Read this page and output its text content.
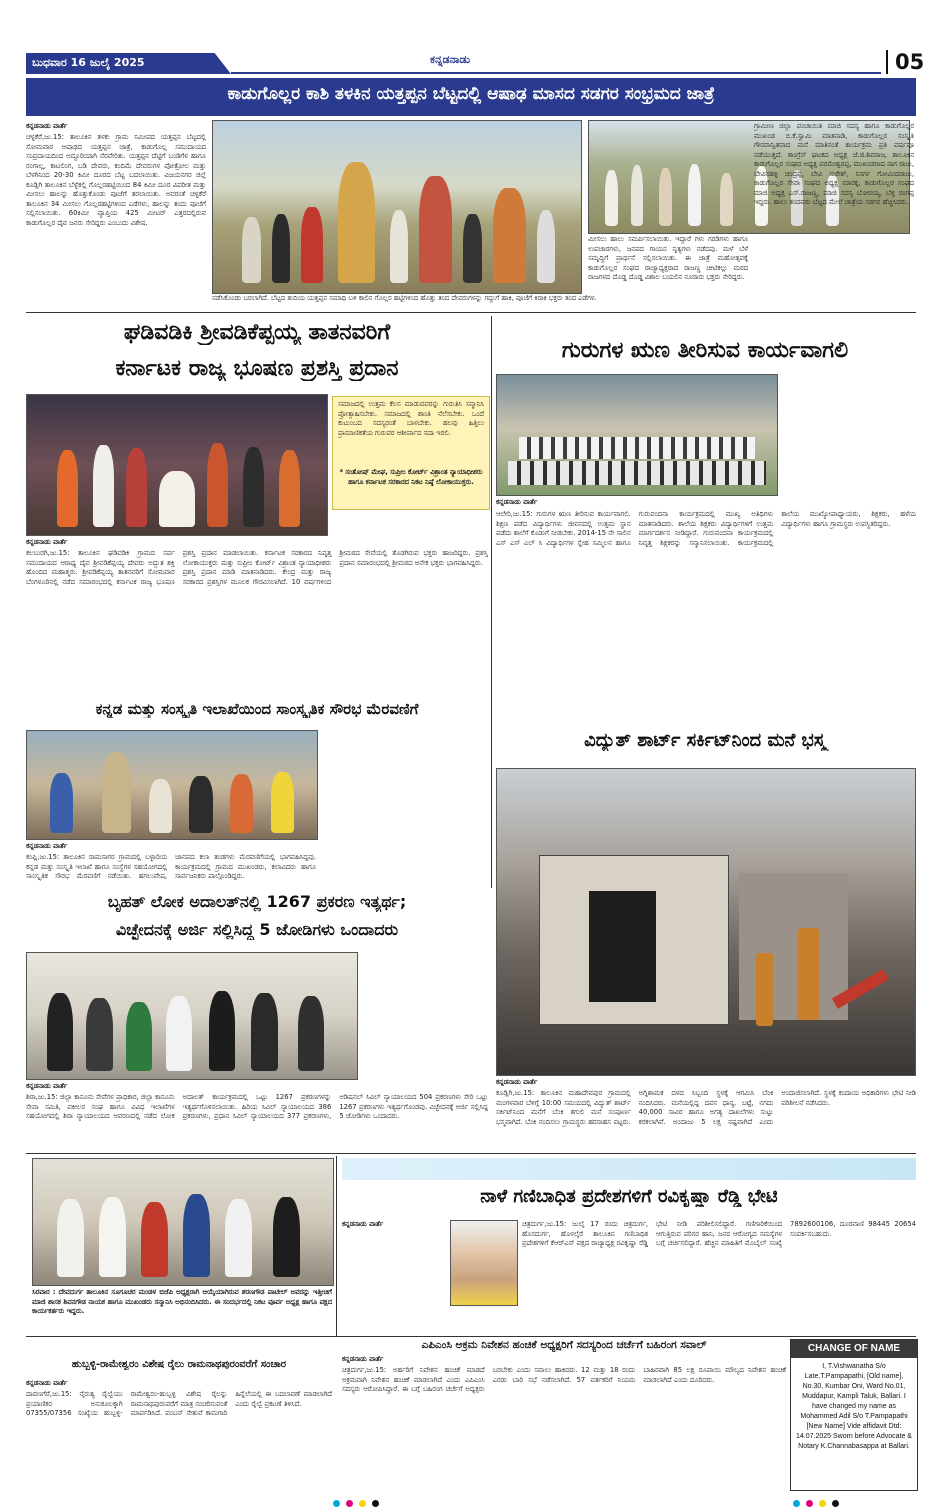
ಬುಧವಾರ 16 ಜುಲೈ 2025	ಕನ್ನಡನಾಡು	05
ಕಾಡುಗೊಲ್ಲರ ಕಾಶಿ ತಳಕಿನ ಯತ್ತಪ್ಪನ ಬೆಟ್ಟದಲ್ಲಿ ಆಷಾಢ ಮಾಸದ ಸಡಗರ ಸಂಭ್ರಮದ ಜಾತ್ರೆ
ಕನ್ನಡನಾಡು ವಾರ್ತೆ
ಚಳ್ಳಕೆರೆ,ಜು.15: ತಾಲೂಕಿನ ತಳಕು ಗ್ರಾಮ ಸಮೀಪದ ಯತ್ತಪ್ಪನ ಬೆಟ್ಟದಲ್ಲಿ ಸೋಮವಾರ ಆಷಾಢದ ಯತ್ತಪ್ಪನ ಜಾತ್ರೆ, ಕಾಡುಗೊಲ್ಲ ಸಮುದಾಯದ ಸಂಪ್ರದಾಯದಿಂದ ಅದ್ದೂರಿಯಾಗಿ ನೆರವೇರಿತು. ಯತ್ತಪ್ಪನ ದೆಟ್ಟಿಗೆ ಬಂಡಿಗೆಳ ಹಾಗೂ ರಂಗಾಲ್ಲ, ಕಾಟಲಿಂಗ, ಬಡಿ ದೇವರು, ಕಂದಿಮೆ ದೇವರುಗಳ ಪೋತ್ರೋಲ ಮತ್ತು ಬೆಳಗಿನಿಂದ 20-30 ಕಿಮೀ ದೂರದ ಬೆಟ್ಟ ಬದಲಾಯಿತು. ವಿಜಯನಗರ ಜಿಲ್ಲೆ ಕೂಡ್ಲಿಗಿ ತಾಲೂಕಿನ ಬೆಳ್ಳೆಕಲ್ಲಿ ಗೊಲ್ಲರಹಟ್ಟಿಯಿಂದ 84 ಕಿಮೀ ದೂರ ವಿಪರೀತ ಮತ್ತು ಮೀಸಲು ಹಾಲನ್ನು ಹೊತ್ತುಕೊಂಡು ಪೂಜೆಗೆ ತರಲಾಯಿತು. ಅವರಂತೆ ಚಳ್ಳಕೆರೆ ತಾಲೂಕಿನ 34 ಮೀಸಲು ಗೊಲ್ಲರಹಟ್ಟಿಗಳಿಂದ ಎಡೆಗಳು, ಹಾಲನ್ನು ತಂದು ಪೂಜೆಗೆ ಸಲ್ಲಿಸಲಾಯಿತು. 60ಕಿಮೀ ವ್ಯಾಪ್ತಿಯ 425 ಮೀಟರ್ ಎತ್ತರದಲ್ಲಿರುವ ಕಾಡುಗೊಲ್ಲರ ದೈವ ಜನರು ಸೇರಿದ್ದರು ಎಂಬುದು ವಿಶೇಷ.
ನಡೆಸಿಕೊಂಡು ಬರಲಾಗಿದೆ. ಬೆಟ್ಟದ ತುದಿಯ ಯತ್ತಪ್ಪನ ಸಮಾಧಿ ಬಳಿ ಕಾಲಿನ ಗೊಲ್ಲರ ಹಟ್ಟಿಗಳಿಂದ ಹೊತ್ತು ತಂದ ದೇವರುಗಳನ್ನು ಗದ್ದುಗೆ ಹಾಕಿ, ಪೂಜೆಗೆ ಕಿರಾಕಿ ಭಕ್ತರು ತಂದ ಎಡೆಗಳ.
ಮೀಸಲು ಹಾಲು ಸಮರ್ಪಿಸಲಾಯಿತು. ಇದ್ದಾರೆ ಗಳು ಗರಡಿಗಳು ಹಾಗೂ ಉಪಚಾರಗಳು, ಜನಪದ ಗಾಯನ ನೃತ್ಯಗಳು ನಡೆದವು. ಮಳೆ ಬೆಳೆ ಸಮೃದ್ಧಿಗೆ ಪ್ರಾರ್ಥನೆ ಸಲ್ಲಿಸಲಾಯಿತು. ಈ ಜಾತ್ರೆ ಮಹೋತ್ಸವಕ್ಕೆ ಕಾಡುಗೊಲ್ಲರ ಸಂಘದ ರಾಜ್ಯಾಧ್ಯಕ್ಷರಾದ ರಾಜಣ್ಣ ಚೀಟಿಕಲ್ಲು ಮಠದ ರಾಜಗಳದ ದೊಡ್ಡ ದೊಡ್ಡ ವಿಶಾಲ ಬಯಲಿನ ನೂರಾರು ಭಕ್ತರು ಸೇರಿದ್ದರು.
ಗ್ರಾಮೀಣ ಜಿಲ್ಲಾ ಪಂಚಾಯಿತಿ ಮಾಜಿ ಸದಸ್ಯ ಹಾಗೂ ಕಾಡುಗೊಲ್ಲರ ಮುಖಂಡ ಬಿ.ಕೆ.ಸ್ವಾಮಿ ಮಾತನಾಡಿ, ಕಾಡುಗೊಲ್ಲರ ಸಂಸ್ಕೃತಿ ಗೌರವಾನ್ವಿತವಾದ ಮನೆ ಮಾತಿನಂತೆ ಕಾರ್ಯಕ್ರಮ ಪ್ರತಿ ವರ್ಷವೂ ನಡೆಯುತ್ತದೆ. ಕಾಂಗ್ರೆಸ್ ಘಟಕದ ಅಧ್ಯಕ್ಷ ಜೆ.ಜಿ.ಶಿವರಾಜ, ತಾಲೂಕಿನ ಕಾಡುಗೊಲ್ಲರ ಸಂಘದ ಅಧ್ಯಕ್ಷ ಪರಮೇಶ್ವರಪ್ಪ, ಮುಖಂಡರಾದ ನಾಗ ರಾಜು, ಬೇವಿನಹಳ್ಳಿ ಚಂದ್ರಪ್ಪ, ಬೇವಿ ಸುರೇಶ್, ನಿಸರ್ಗ ಗೋವಿಂದರಾಜು, ಕಾಡುಗೊಲ್ಲರ ಸೇವಾ ಸಂಘದ ಅಧ್ಯಕ್ಷ ಮಾರಕ್ಕ, ಕಾಡುಗೊಲ್ಲರ ಸಂಘದ ಮಾಜಿ ಅಧ್ಯಕ್ಷ ಎಸ್.ರಾಜಣ್ಣ, ಮಾಜಿ ಸದಸ್ಯ ಬೋರಯ್ಯ, ಬೆಳ್ಳಿ ರಂಗಪ್ಪ ಇದ್ದರು. ಹಾಲು ತಂದವರು ಬೆಟ್ಟದ ಮೇಲೆ ಜಾತ್ರೆಯ ಸಡಗರ ಹೆಚ್ಚಿಸಿದರು.
ಘಡಿವಡಿಕಿ ಶ್ರೀವಡಿಕೆಪ್ಪಯ್ಯ ತಾತನವರಿಗೆ
ಕರ್ನಾಟಕ ರಾಜ್ಯ ಭೂಷಣ ಪ್ರಶಸ್ತಿ ಪ್ರದಾನ
ಸಮಾಜದಲ್ಲಿ ಉತ್ತಮ ಕೆಲಸ ಮಾಡುವವರನ್ನು ಗುರುತಿಸಿ ಸನ್ಮಾನಿಸಿ ಪ್ರೋತ್ಸಾಹಿಸಬೇಕು. ಸಮಾಜದಲ್ಲಿ ಶಾಂತಿ ನೆಲೆಸಬೇಕು. ಒಂದೆ ಕುಟುಂಬದ ಸದಸ್ಯರಂತೆ ಬಾಳಬೇಕು. ಹಲವು ಹಿತ್ತಿಲು ಪ್ರಾಮಾಣಿಕತೆಯ ಗುರುವರ ಆಶೀರ್ವಾದ ಸದಾ ಇರಲಿ.
* ಸಂತೋಷ್ ಮೇಘ, ಸುಪ್ರೀಂ ಕೋರ್ಟ್ ವಿಶ್ರಾಂತ ನ್ಯಾಯಾಧೀಶರು ಹಾಗೂ ಕರ್ನಾಟಕ ಸರಕಾರದ ನಿಕಟ ನಿಷ್ಠೆ ಲೋಕಾಯುಕ್ತರು.
ಕನ್ನಡನಾಡು ವಾರ್ತೆ
ಕಲಬುರಗಿ,ಜು.15: ತಾಲೂಕಿನ ಘಡಿವಡಿಕಿ ಗ್ರಾಮದ ಸರ್ವ ಸಮುದಾಯದ ಆರಾಧ್ಯ ದೈವ ಶ್ರೀವಡಿಕೆಪ್ಪಯ್ಯ ದೇವರು ಅದ್ಭುತ ಶಕ್ತಿ ಹೊಂದಿದ ಮಹಾತ್ಮರು. ಶ್ರೀವಡಿಕೆಪ್ಪಯ್ಯ ತಾತನವರಿಗೆ ಸೋಮವಾರ ಬೆಂಗಳೂರಿನಲ್ಲಿ ನಡೆದ ಸಮಾರಂಭದಲ್ಲಿ ಕರ್ನಾಟಕ ರಾಜ್ಯ ಭೂಷಣ ಪ್ರಶಸ್ತಿ ಪ್ರದಾನ ಮಾಡಲಾಯಿತು. ಕರ್ನಾಟಕ ಸರಕಾರದ ನಿವೃತ್ತ ಲೋಕಾಯುಕ್ತರು ಮತ್ತು ಸುಪ್ರೀಂ ಕೋರ್ಟ್ ವಿಶ್ರಾಂತ ನ್ಯಾಯಾಧೀಶರು ಪ್ರಶಸ್ತಿ ಪ್ರದಾನ ಮಾಡಿ ಮಾತನಾಡಿದರು. ಕೇಂದ್ರ ಮತ್ತು ರಾಜ್ಯ ಸರಕಾರದ ಪ್ರಶಸ್ತಿಗಳ ಮೂಲಕ ಗೌರವಿಸಲಾಗಿದೆ. 10 ವರ್ಷಗಳಿಂದ ಶ್ರೀಮಠದ ಸೇವೆಯಲ್ಲಿ ತೊಡಗಿರುವ ಭಕ್ತರು ಹಾಜರಿದ್ದರು. ಪ್ರಶಸ್ತಿ ಪ್ರದಾನ ಸಮಾರಂಭದಲ್ಲಿ ಶ್ರೀಮಠದ ಅನೇಕ ಭಕ್ತರು ಭಾಗವಹಿಸಿದ್ದರು.
ಗುರುಗಳ ಋಣ ತೀರಿಸುವ ಕಾರ್ಯವಾಗಲಿ
ಕನ್ನಡನಾಡು ವಾರ್ತೆ
ಆಲೇರಿ,ಜು.15: ಗುರುಗಳ ಋಣ ತೀರಿಸುವ ಕಾರ್ಯವಾಗಲಿ. ಶಿಕ್ಷಣ ಪಡೆದ ವಿದ್ಯಾರ್ಥಿಗಳು ಜೀವನದಲ್ಲಿ ಉತ್ತಮ ಸ್ಥಾನ ಪಡೆದು ಶಾಲೆಗೆ ಕೊಡುಗೆ ನೀಡಬೇಕು. 2014-15 ನೇ ಸಾಲಿನ ಎಸ್ ಎಸ್ ಎಲ್ ಸಿ ವಿದ್ಯಾರ್ಥಿಗಳ ಸ್ನೇಹ ಸಮ್ಮಿಲನ ಹಾಗೂ ಗುರುವಂದನಾ ಕಾರ್ಯಕ್ರಮದಲ್ಲಿ ಮುಖ್ಯ ಅತಿಥಿಗಳು ಮಾತನಾಡಿದರು. ಶಾಲೆಯ ಶಿಕ್ಷಕರು ವಿದ್ಯಾರ್ಥಿಗಳಿಗೆ ಉತ್ತಮ ಮಾರ್ಗದರ್ಶನ ನೀಡಿದ್ದಾರೆ. ಗುರುವಂದನಾ ಕಾರ್ಯಕ್ರಮದಲ್ಲಿ ನಿವೃತ್ತ ಶಿಕ್ಷಕರನ್ನು ಸನ್ಮಾನಿಸಲಾಯಿತು. ಕಾರ್ಯಕ್ರಮದಲ್ಲಿ ಶಾಲೆಯ ಮುಖ್ಯೋಪಾಧ್ಯಾಯರು, ಶಿಕ್ಷಕರು, ಹಳೆಯ ವಿದ್ಯಾರ್ಥಿಗಳು ಹಾಗೂ ಗ್ರಾಮಸ್ಥರು ಉಪಸ್ಥಿತರಿದ್ದರು.
ಕನ್ನಡ ಮತ್ತು ಸಂಸ್ಕೃತಿ ಇಲಾಖೆಯಿಂದ ಸಾಂಸ್ಕೃತಿಕ ಸೌರಭ ಮೆರವಣಿಗೆ
ಕನ್ನಡನಾಡು ವಾರ್ತೆ
ಕಂಪ್ಲಿ,ಜು.15: ತಾಲೂಕಿನ ರಾಮಸಾಗರ ಗ್ರಾಮದಲ್ಲಿ ಬಳ್ಳಾರಿಯ ಕನ್ನಡ ಮತ್ತು ಸಂಸ್ಕೃತಿ ಇಲಾಖೆ ಹಾಗೂ ಸಂಸ್ಥೆಗಳ ಸಹಯೋಗದಲ್ಲಿ ಸಾಂಸ್ಕೃತಿಕ ಸೌರಭ ಮೆರವಣಿಗೆ ನಡೆಯಿತು. ಹಗಲುವೇಷ, ಜಾನಪದ ಕಲಾ ತಂಡಗಳು ಮೆರವಣಿಗೆಯಲ್ಲಿ ಭಾಗವಹಿಸಿದ್ದವು. ಕಾರ್ಯಕ್ರಮದಲ್ಲಿ ಗ್ರಾಮದ ಮುಖಂಡರು, ಕಲಾವಿದರು ಹಾಗೂ ಸಾರ್ವಜನಿಕರು ಪಾಲ್ಗೊಂಡಿದ್ದರು.
ವಿದ್ಯುತ್ ಶಾರ್ಟ್ ಸರ್ಕಿಟ್‌ನಿಂದ ಮನೆ ಭಸ್ಮ
ಕನ್ನಡನಾಡು ವಾರ್ತೆ
ಕೂಡ್ಲಿಗಿ,ಜು.15: ತಾಲೂಕಿನ ಮಹಾದೇವಪುರ ಗ್ರಾಮದಲ್ಲಿ ಮಂಗಳವಾರ ಬೆಳಿಗ್ಗೆ 10:00 ಸಮಯದಲ್ಲಿ ವಿದ್ಯುತ್ ಶಾರ್ಟ್ ಸರ್ಕಿಟ್‌ನಿಂದ ಮನೆಗೆ ಬೆಂಕಿ ತಗುಲಿ ಮನೆ ಸಂಪೂರ್ಣ ಭಸ್ಮವಾಗಿದೆ. ಬೆಂಕಿ ನಂದಿಸಲು ಗ್ರಾಮಸ್ಥರು ಹರಸಾಹಸ ಪಟ್ಟರು. ಅಗ್ನಿಶಾಮಕ ದಳದ ಸಿಬ್ಬಂದಿ ಸ್ಥಳಕ್ಕೆ ಆಗಮಿಸಿ ಬೆಂಕಿ ನಂದಿಸಿದರು. ಮನೆಯಲ್ಲಿದ್ದ ದವಸ ಧಾನ್ಯ, ಬಟ್ಟೆ, ನಗದು 40,000 ಸಾವಿರ ಹಾಗೂ ಅಗತ್ಯ ದಾಖಲೆಗಳು ಸುಟ್ಟು ಕರಕಲಾಗಿವೆ. ಅಂದಾಜು 5 ಲಕ್ಷ ನಷ್ಟವಾಗಿದೆ ಎಂದು ಅಂದಾಜಿಸಲಾಗಿದೆ. ಸ್ಥಳಕ್ಕೆ ಕಂದಾಯ ಅಧಿಕಾರಿಗಳು ಭೇಟಿ ನೀಡಿ ಪರಿಶೀಲನೆ ನಡೆಸಿದರು.
ಬೃಹತ್ ಲೋಕ ಅದಾಲತ್‌ನಲ್ಲಿ 1267 ಪ್ರಕರಣ ಇತ್ಯರ್ಥ;
ವಿಚ್ಛೇದನಕ್ಕೆ ಅರ್ಜಿ ಸಲ್ಲಿಸಿದ್ದ 5 ಜೋಡಿಗಳು ಒಂದಾದರು
ಕನ್ನಡನಾಡು ವಾರ್ತೆ
ಶಿರಾ,ಜು.15: ಜಿಲ್ಲಾ ಕಾನೂನು ಸೇವೆಗಳ ಪ್ರಾಧಿಕಾರ, ಜಿಲ್ಲಾ ಕಾನೂನು ಸೇವಾ ಸಮಿತಿ, ವಕೀಲರ ಸಂಘ ಹಾಗೂ ವಿವಿಧ ಇಲಾಖೆಗಳ ಸಹಯೋಗದಲ್ಲಿ ಶಿರಾ ನ್ಯಾಯಾಲಯದ ಆವರಣದಲ್ಲಿ ನಡೆದ ಲೋಕ ಅದಾಲತ್ ಕಾರ್ಯಕ್ರಮದಲ್ಲಿ ಒಟ್ಟು 1267 ಪ್ರಕರಣಗಳನ್ನು ಇತ್ಯರ್ಥಗೊಳಿಸಲಾಯಿತು. ಹಿರಿಯ ಸಿವಿಲ್ ನ್ಯಾಯಾಲಯದ 386 ಪ್ರಕರಣಗಳು, ಪ್ರಧಾನ ಸಿವಿಲ್ ನ್ಯಾಯಾಲಯದ 377 ಪ್ರಕರಣಗಳು, ಅಡಿಷನಲ್ ಸಿವಿಲ್ ನ್ಯಾಯಾಲಯದ 504 ಪ್ರಕರಣಗಳು ಸೇರಿ ಒಟ್ಟು 1267 ಪ್ರಕರಣಗಳು ಇತ್ಯರ್ಥಗೊಂಡವು. ವಿಚ್ಛೇದನಕ್ಕೆ ಅರ್ಜಿ ಸಲ್ಲಿಸಿದ್ದ 5 ಜೋಡಿಗಳು ಒಂದಾದರು.
ಸಿರವಾರ : ದೇವದುರ್ಗ ತಾಲೂಕಿನ ಸೂಗೂಚರ ಮಂಡಳ ಬಿಜೆಪಿ ಅಧ್ಯಕ್ಷರಾಗಿ ಆಯ್ಕೆಯಾಗಿರುವ ಶರಣಗೌಡ ಪಾಟೀಲ್ ಅವರನ್ನು ಇತ್ತೀಚಿಗೆ ಮಾಜಿ ಶಾಸಕ ಶಿವನಗೌಡ ನಾಯಕ ಹಾಗೂ ಮುಖಂಡರು ಸನ್ಮಾನಿಸಿ ಅಭಿನಂದಿಸಿದರು. ಈ ಸಂದರ್ಭದಲ್ಲಿ ನಿಕಟ ಪೂರ್ವ ಅಧ್ಯಕ್ಷ ಹಾಗೂ ಪಕ್ಷದ ಕಾರ್ಯಕರ್ತರು ಇದ್ದರು.
ನಾಳೆ ಗಣಿಬಾಧಿತ ಪ್ರದೇಶಗಳಿಗೆ ರವಿಕೃಷ್ಣಾ ರೆಡ್ಡಿ ಭೇಟಿ
ಕನ್ನಡನಾಡು ವಾರ್ತೆ	ಚಿತ್ರದುರ್ಗ,ಜು.15: ಜುಲೈ 17 ರಂದು ಚಿತ್ರದುರ್ಗ, ಹೊಸದುರ್ಗ, ಹೊಳಲ್ಕೆರೆ ತಾಲೂಕಿನ ಗಣಿಬಾಧಿತ ಪ್ರದೇಶಗಳಿಗೆ ಕೆಆರ್‌ಎಸ್ ಪಕ್ಷದ ರಾಜ್ಯಾಧ್ಯಕ್ಷ ರವಿಕೃಷ್ಣಾ ರೆಡ್ಡಿ ಭೇಟಿ ನೀಡಿ ಪರಿಶೀಲಿಸಲಿದ್ದಾರೆ. ಗಣಿಗಾರಿಕೆಯಿಂದ ಆಗುತ್ತಿರುವ ಪರಿಸರ ಹಾನಿ, ಜನರ ಆರೋಗ್ಯದ ಸಮಸ್ಯೆಗಳ ಬಗ್ಗೆ ಚರ್ಚಿಸಲಿದ್ದಾರೆ. ಹೆಚ್ಚಿನ ಮಾಹಿತಿಗೆ ಮೊಬೈಲ್ ಸಂಖ್ಯೆ 7892600106, ದೂರವಾಣಿ 98445 20654 ಸಂಪರ್ಕಿಸಬಹುದು.
ಎಪಿಎಂಸಿ ಅಕ್ರಮ ನಿವೇಶನ ಹಂಚಿಕೆ ಅಧ್ಯಕ್ಷರಿಗೆ ಸದಸ್ಯರಿಂದ ಚರ್ಚೆಗೆ ಬಹಿರಂಗ ಸವಾಲ್
ಕನ್ನಡನಾಡು ವಾರ್ತೆ
ಚಿತ್ರದುರ್ಗ,ಜು.15: ಅರ್ಹರಿಗೆ ನಿವೇಶನ ಹಂಚಿಕೆ ಮಾಡದೆ ಅಕ್ರಮವಾಗಿ ನಿವೇಶನ ಹಂಚಿಕೆ ಮಾಡಲಾಗಿದೆ ಎಂದು ಎಪಿಎಂಸಿ ಸದಸ್ಯರು ಆರೋಪಿಸಿದ್ದಾರೆ. ಈ ಬಗ್ಗೆ ಬಹಿರಂಗ ಚರ್ಚೆಗೆ ಅಧ್ಯಕ್ಷರು ಬರಬೇಕು ಎಂದು ಸವಾಲು ಹಾಕಿದರು. 12 ಮತ್ತು 18 ರಂದು ಎರಡು ಬಾರಿ ಸಭೆ ನಡೆಸಲಾಗಿದೆ. 57 ವರ್ತಕರಿಗೆ ನಿಯಮ ಬಾಹಿರವಾಗಿ 85 ಲಕ್ಷ ರೂಪಾಯಿ ಮೌಲ್ಯದ ನಿವೇಶನ ಹಂಚಿಕೆ ಮಾಡಲಾಗಿದೆ ಎಂದು ದೂರಿದರು.
ಹುಬ್ಬಳ್ಳಿ-ರಾಮೇಶ್ವರಂ ವಿಶೇಷ ರೈಲು ರಾಮನಾಥಪುರಂವರೆಗೆ ಸಂಚಾರ
ಕನ್ನಡನಾಡು ವಾರ್ತೆ
ದಾವಣಗೆರೆ,ಜು.15: ನೈರುತ್ಯ ರೈಲ್ವೆಯು ಪ್ರಯಾಣಿಕರ ಅನುಕೂಲಕ್ಕಾಗಿ 07355/07356 ಸಂಖ್ಯೆಯ ಹುಬ್ಬಳ್ಳಿ-ರಾಮೇಶ್ವರಂ-ಹುಬ್ಬಳ್ಳಿ ವಿಶೇಷ ರೈಲನ್ನು ರಾಮನಾಥಪುರಂವರೆಗೆ ಮಾತ್ರ ಸಂಚರಿಸುವಂತೆ ಮಾರ್ಪಡಿಸಿದೆ. ಪಂಬನ್ ಸೇತುವೆ ಕಾಮಗಾರಿ ಹಿನ್ನೆಲೆಯಲ್ಲಿ ಈ ಬದಲಾವಣೆ ಮಾಡಲಾಗಿದೆ ಎಂದು ರೈಲ್ವೆ ಪ್ರಕಟಣೆ ತಿಳಿಸಿದೆ.
CHANGE OF NAME
I, T.Vishwanatha S/o Late.T.Pampapathi, [Old name], No.30, Kumbar Oni, Ward No.01, Muddapur, Kampli Taluk, Ballari. I have changed my name as Mohammed Adil S/o T.Pampapathi [New Name] Vide affidavit Dtd: 14.07.2025 Sworn before Advocate & Notary K.Channabasappa at Ballari.
